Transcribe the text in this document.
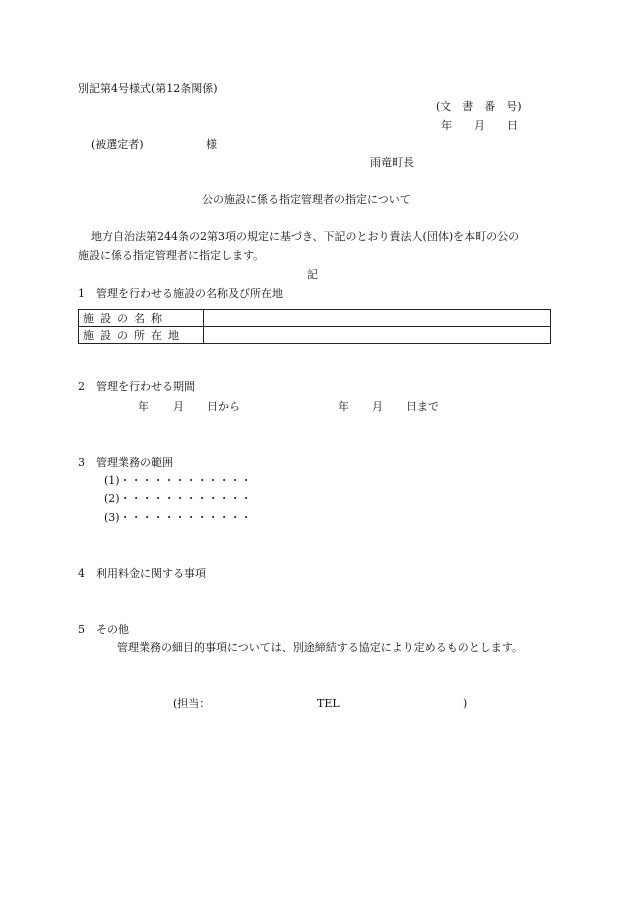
別記第4号様式(第12条関係)
(文　書　番　号)
年　　月　　日
(被選定者)	様
雨竜町長
公の施設に係る指定管理者の指定について
地方自治法第244条の2第3項の規定に基づき、下記のとおり貴法人(団体)を本町の公の
施設に係る指定管理者に指定します。
記
1　管理を行わせる施設の名称及び所在地
施設の名称	
施設の所在地	
2　管理を行わせる期間
年 月 日から	年 月 日まで
3　管理業務の範囲
(1)・・・・・・・・・・・・
(2)・・・・・・・・・・・・
(3)・・・・・・・・・・・・
4　利用料金に関する事項
5　その他
管理業務の細目的事項については、別途締結する協定により定めるものとします。
(担当：	TEL	)
